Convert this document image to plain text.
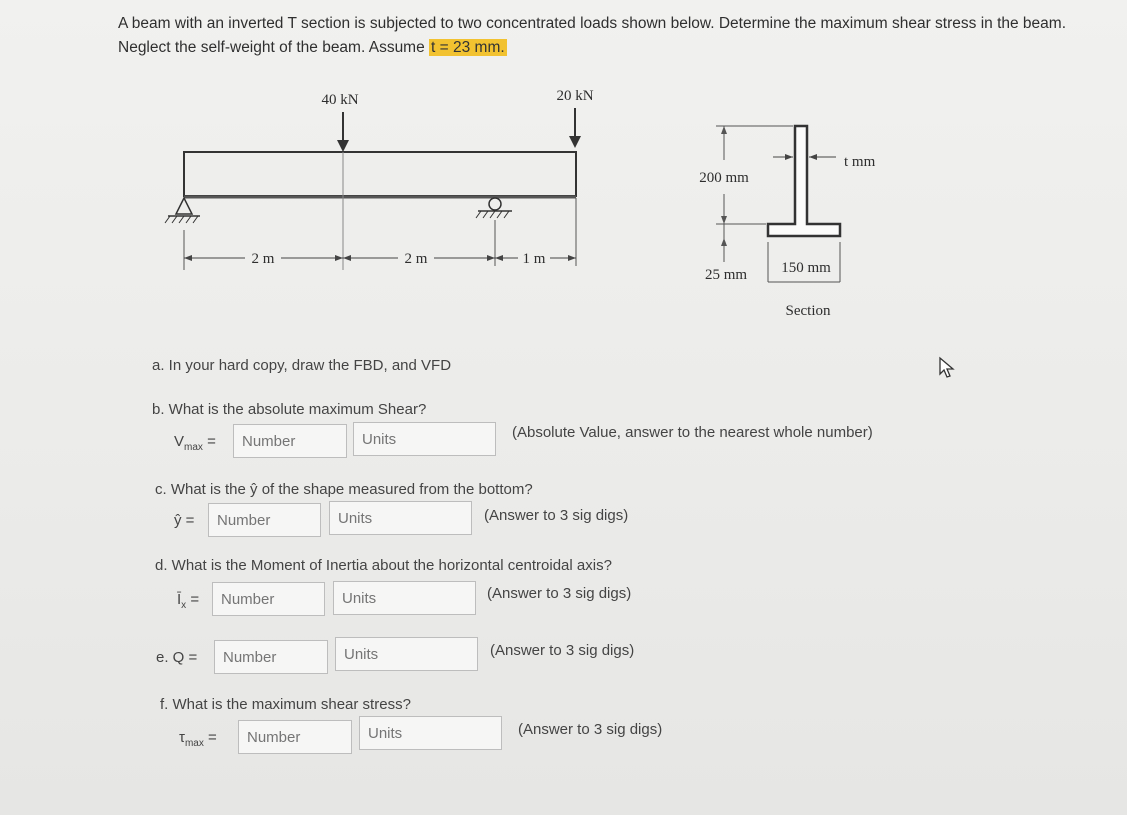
A beam with an inverted T section is subjected to two concentrated loads shown below. Determine the maximum shear stress in the beam. Neglect the self-weight of the beam. Assume t = 23 mm.
40 kN	20 kN
2 m	2 m	1 m
200 mm
25 mm
t mm
150 mm
Section
a. In your hard copy, draw the FBD, and VFD
b. What is the absolute maximum Shear?
$V_{max}$ =
Number
Units
(Absolute Value, answer to the nearest whole number)
c. What is the ŷ of the shape measured from the bottom?
ŷ =
Number
Units	(Answer to 3 sig digs)
d. What is the Moment of Inertia about the horizontal centroidal axis?
$Ī_x$ =
Number
Units	(Answer to 3 sig digs)
e. Q =
Number
Units	(Answer to 3 sig digs)
f. What is the maximum shear stress?
$\tau_{max}$ =
Number
Units	(Answer to 3 sig digs)
